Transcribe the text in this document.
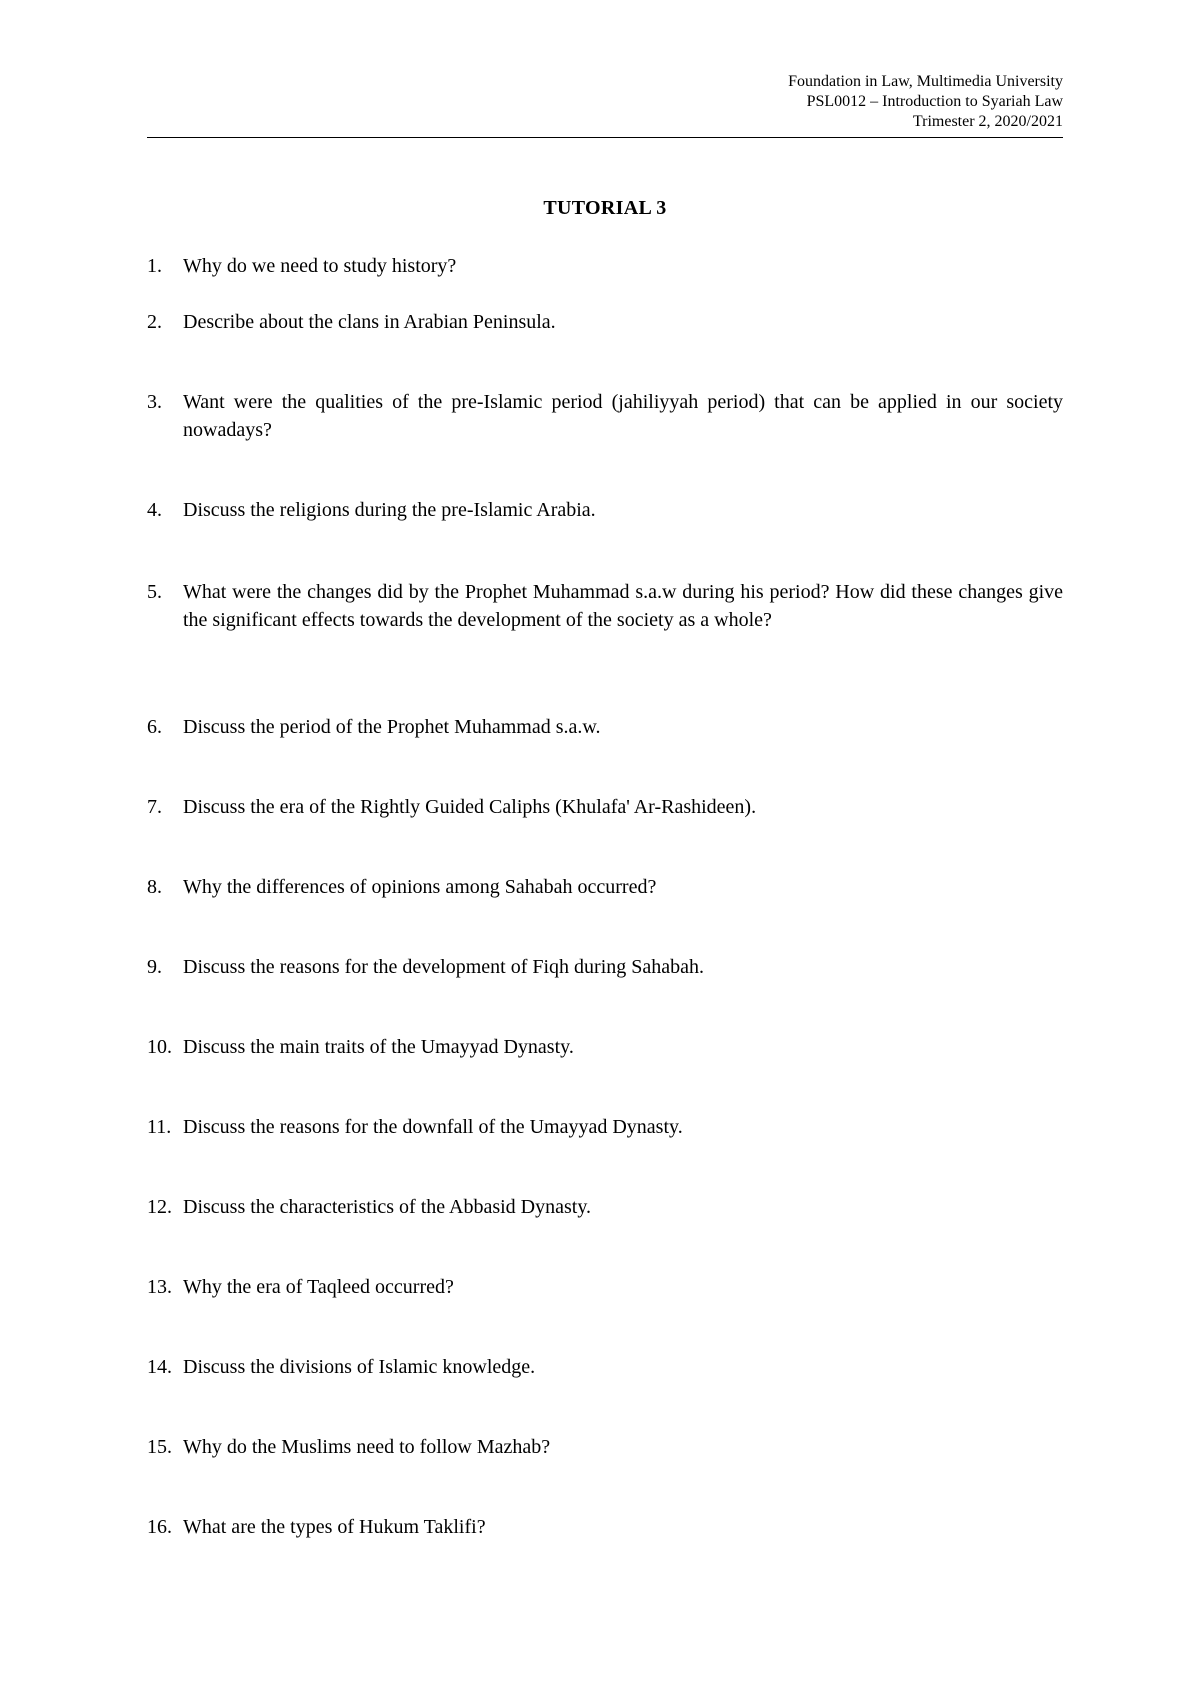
Foundation in Law, Multimedia University
PSL0012 – Introduction to Syariah Law
Trimester 2, 2020/2021
TUTORIAL 3
1. Why do we need to study history?
2. Describe about the clans in Arabian Peninsula.
3. Want were the qualities of the pre-Islamic period (jahiliyyah period) that can be applied in our society nowadays?
4. Discuss the religions during the pre-Islamic Arabia.
5. What were the changes did by the Prophet Muhammad s.a.w during his period? How did these changes give the significant effects towards the development of the society as a whole?
6. Discuss the period of the Prophet Muhammad s.a.w.
7. Discuss the era of the Rightly Guided Caliphs (Khulafa' Ar-Rashideen).
8. Why the differences of opinions among Sahabah occurred?
9. Discuss the reasons for the development of Fiqh during Sahabah.
10. Discuss the main traits of the Umayyad Dynasty.
11. Discuss the reasons for the downfall of the Umayyad Dynasty.
12. Discuss the characteristics of the Abbasid Dynasty.
13. Why the era of Taqleed occurred?
14. Discuss the divisions of Islamic knowledge.
15. Why do the Muslims need to follow Mazhab?
16. What are the types of Hukum Taklifi?
